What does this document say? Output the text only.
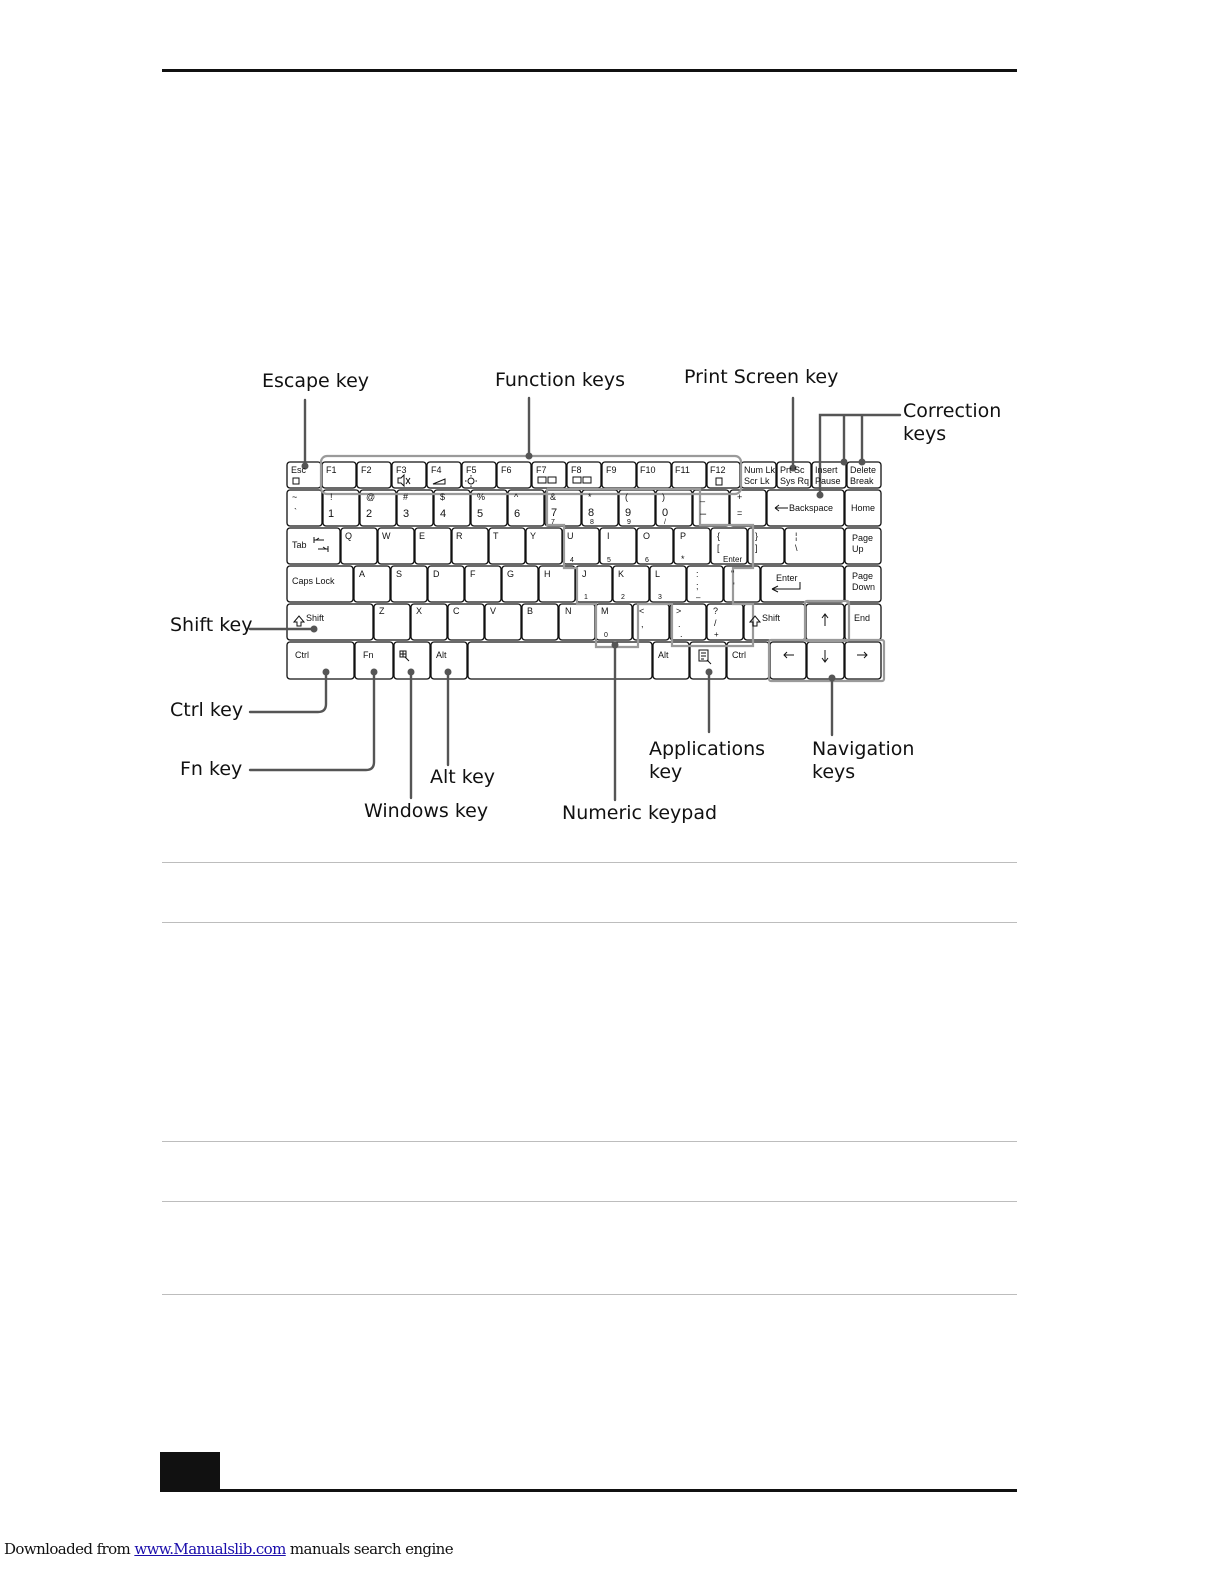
Esc F1	F2	F3	F4	F5	F6	F7	F8	F9	F10 F11 F12 Num Lk
Scr Lk
Prt Sc
Sys Rq
Insert
Pause
Delete
Break
~
`
!
1
@
2
#
3
$
4
%
5
^
6
&
7
7
*
8
8
(
9
9
)
0
/
_
–
+
=	Backspace Home
Tab
Q	W	E	R	T	Y	U
4
I
5
O
6
P
*
{
[
Enter
}
]
¦
\
Page
Up
Caps Lock
A	S	D	F	G	H	J
1
K
2
L
3
:
;
–
"
'
Enter	Page
Down
Shift
Z	X	C	V	B	N	M
0
<
,
>
.
.
?
/
+
Shift	End
Ctrl	Fn	Alt	Alt	Ctrl
Escape key	Function keys	Print Screen key
Correction
keys
Shift key
Ctrl key
Fn key	Alt key
Windows key	Numeric keypad
Applications
key
Navigation
keys
Downloaded from www.Manualslib.com manuals search engine
